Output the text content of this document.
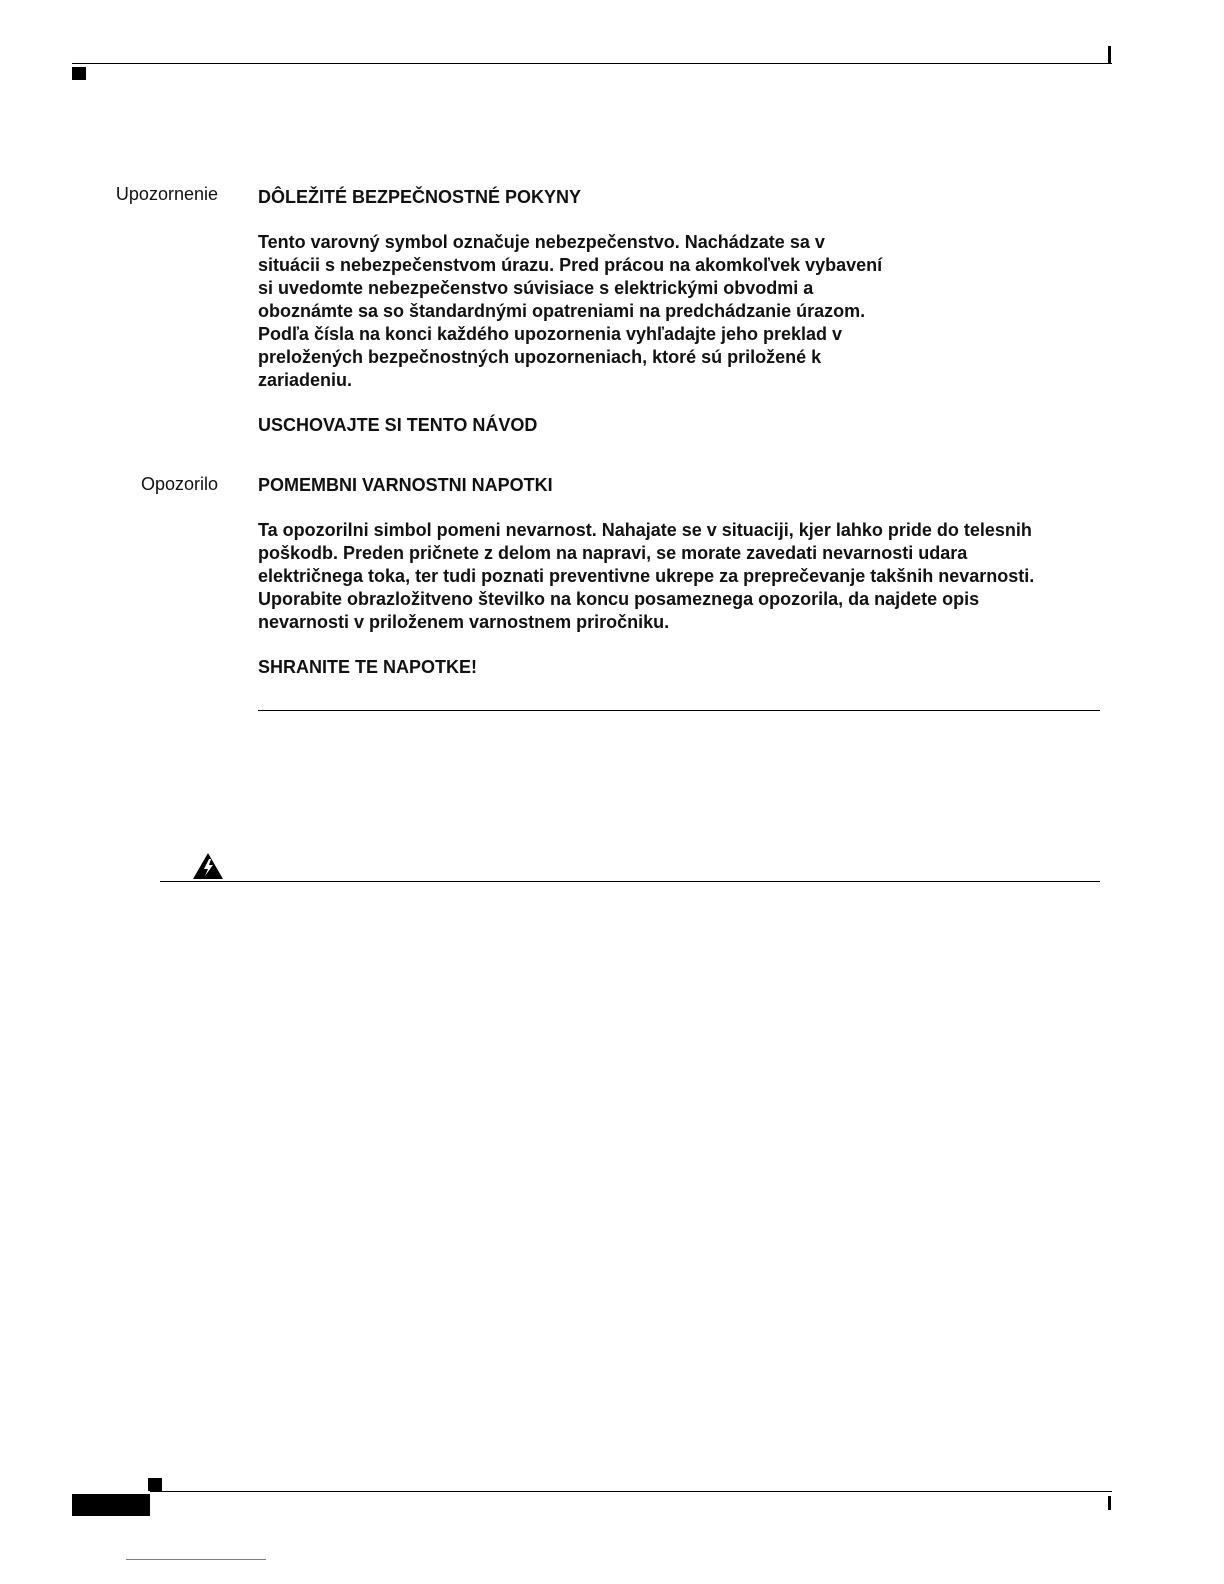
Upozornenie DÔLEŽITÉ BEZPEČNOSTNÉ POKYNY

Tento varovný symbol označuje nebezpečenstvo. Nachádzate sa v

situácii s nebezpečenstvom úrazu. Pred prácou na akomkoľvek vybavení

si uvedomte nebezpečenstvo súvisiace s elektrickými obvodmi a

oboznámte sa so štandardnými opatreniami na predchádzanie úrazom.

Podľa čísla na konci každého upozornenia vyhľadajte jeho preklad v

preložených bezpečnostných upozorneniach, ktoré sú priložené k

zariadeniu.

USCHOVAJTE SI TENTO NÁVOD

Opozorilo POMEMBNI VARNOSTNI NAPOTKI

Ta opozorilni simbol pomeni nevarnost. Nahajate se v situaciji, kjer lahko pride do telesnih

poškodb. Preden pričnete z delom na napravi, se morate zavedati nevarnosti udara

električnega toka, ter tudi poznati preventivne ukrepe za preprečevanje takšnih nevarnosti.

Uporabite obrazložitveno številko na koncu posameznega opozorila, da najdete opis

nevarnosti v priloženem varnostnem priročniku.

SHRANITE TE NAPOTKE!
